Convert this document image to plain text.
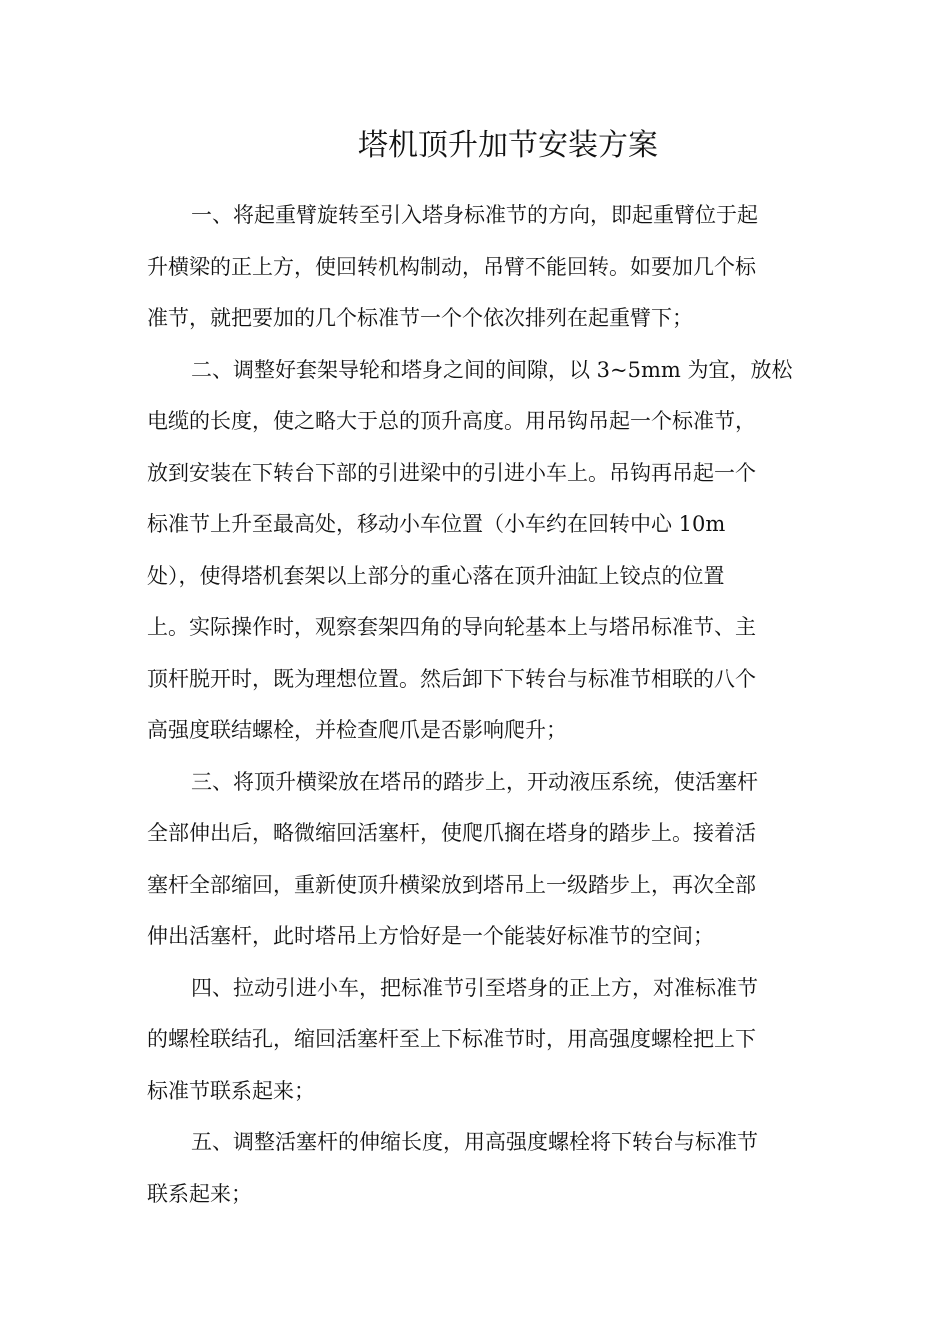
塔机顶升加节安装方案

一、将起重臂旋转至引入塔身标准节的方向，即起重臂位于起

升横梁的正上方，使回转机构制动，吊臂不能回转。如要加几个标

准节，就把要加的几个标准节一个个依次排列在起重臂下；

二、调整好套架导轮和塔身之间的间隙，以 3~5mm 为宜，放松

电缆的长度，使之略大于总的顶升高度。用吊钩吊起一个标准节，

放到安装在下转台下部的引进梁中的引进小车上。吊钩再吊起一个

标准节上升至最高处，移动小车位置（小车约在回转中心 10m

处），使得塔机套架以上部分的重心落在顶升油缸上铰点的位置

上。实际操作时，观察套架四角的导向轮基本上与塔吊标准节、主

顶杆脱开时，既为理想位置。然后卸下下转台与标准节相联的八个

高强度联结螺栓，并检查爬爪是否影响爬升；

三、将顶升横梁放在塔吊的踏步上，开动液压系统，使活塞杆

全部伸出后，略微缩回活塞杆，使爬爪搁在塔身的踏步上。接着活

塞杆全部缩回，重新使顶升横梁放到塔吊上一级踏步上，再次全部

伸出活塞杆，此时塔吊上方恰好是一个能装好标准节的空间；

四、拉动引进小车，把标准节引至塔身的正上方，对准标准节

的螺栓联结孔，缩回活塞杆至上下标准节时，用高强度螺栓把上下

标准节联系起来；

五、调整活塞杆的伸缩长度，用高强度螺栓将下转台与标准节

联系起来；
